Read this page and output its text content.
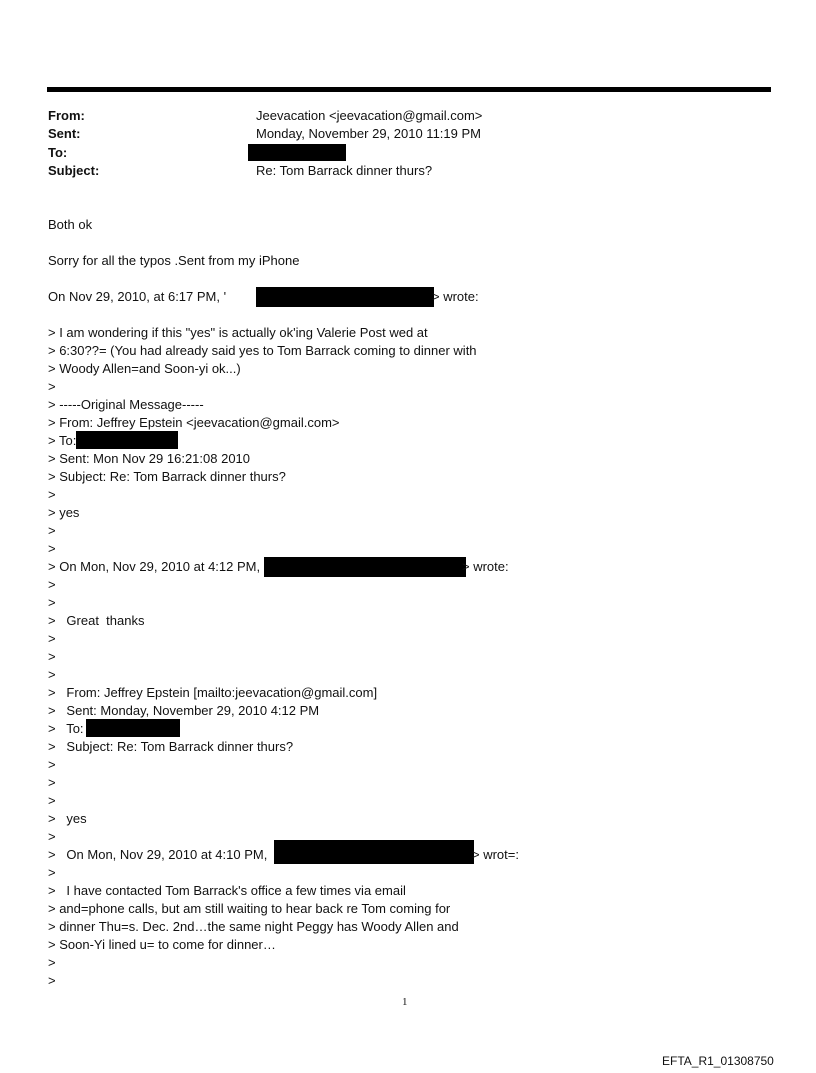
From:	Jeevacation <jeevacation@gmail.com>
Sent:	Monday, November 29, 2010 11:19 PM
To:
Subject:	Re: Tom Barrack dinner thurs?
Both ok
Sorry for all the typos .Sent from my iPhone
On Nov 29, 2010, at 6:17 PM, '	> wrote:
> I am wondering if this "yes" is actually ok'ing Valerie Post wed at
> 6:30??= (You had already said yes to Tom Barrack coming to dinner with
> Woody Allen=and Soon-yi ok...)
>
> -----Original Message-----
> From: Jeffrey Epstein <jeevacation@gmail.com>
> To:
> Sent: Mon Nov 29 16:21:08 2010
> Subject: Re: Tom Barrack dinner thurs?
>
> yes
>
>
> On Mon, Nov 29, 2010 at 4:12 PM,	> wrote:
>
>
>   Great  thanks
>
>
>
>   From: Jeffrey Epstein [mailto:jeevacation@gmail.com]
>   Sent: Monday, November 29, 2010 4:12 PM
>   To:
>   Subject: Re: Tom Barrack dinner thurs?
>
>
>
>   yes
>
>   On Mon, Nov 29, 2010 at 4:10 PM,	> wrot=:
>
>   I have contacted Tom Barrack's office a few times via email
> and=phone calls, but am still waiting to hear back re Tom coming for
> dinner Thu=s. Dec. 2nd…the same night Peggy has Woody Allen and
> Soon-Yi lined u= to come for dinner…
>
>
1
EFTA_R1_01308750
